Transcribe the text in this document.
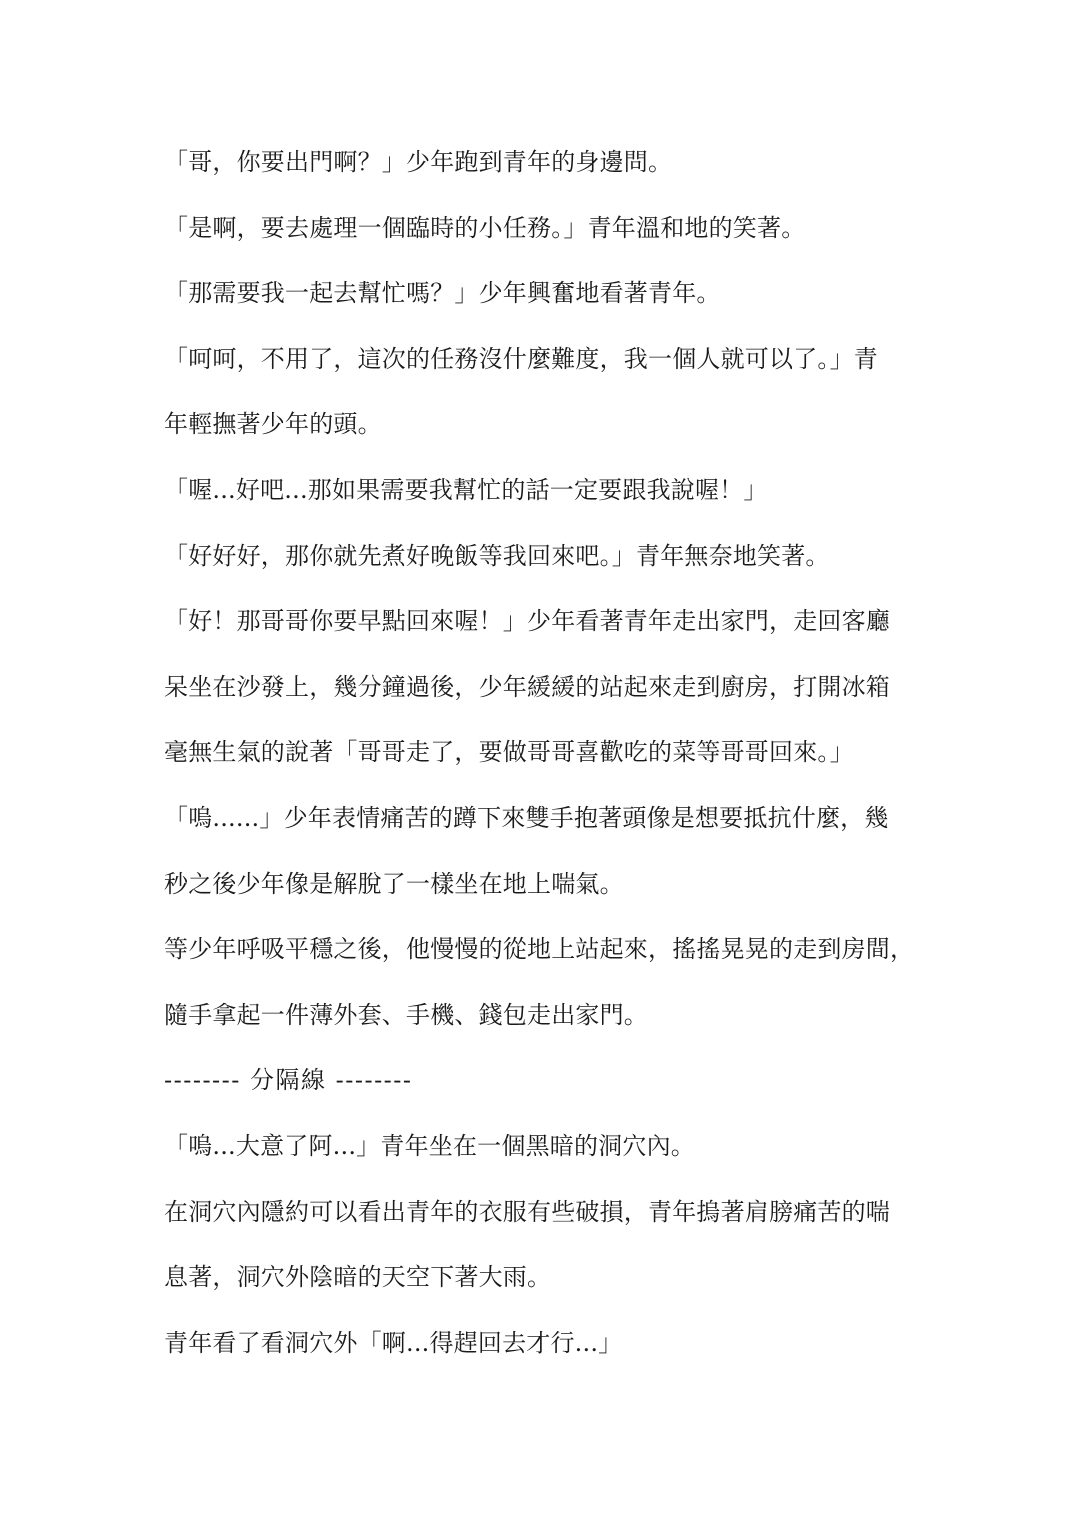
「哥，你要出門啊？」少年跑到青年的身邊問。
「是啊，要去處理一個臨時的小任務。」青年溫和地的笑著。
「那需要我一起去幫忙嗎？」少年興奮地看著青年。
「呵呵，不用了，這次的任務沒什麼難度，我一個人就可以了。」青
年輕撫著少年的頭。
「喔...好吧...那如果需要我幫忙的話一定要跟我說喔！」
「好好好，那你就先煮好晚飯等我回來吧。」青年無奈地笑著。
「好！那哥哥你要早點回來喔！」少年看著青年走出家門，走回客廳
呆坐在沙發上，幾分鐘過後，少年緩緩的站起來走到廚房，打開冰箱
毫無生氣的說著「哥哥走了，要做哥哥喜歡吃的菜等哥哥回來。」
「嗚......」少年表情痛苦的蹲下來雙手抱著頭像是想要抵抗什麼，幾
秒之後少年像是解脫了一樣坐在地上喘氣。
等少年呼吸平穩之後，他慢慢的從地上站起來，搖搖晃晃的走到房間，
隨手拿起一件薄外套、手機、錢包走出家門。
-------- 分隔線 --------
「嗚...大意了阿...」青年坐在一個黑暗的洞穴內。
在洞穴內隱約可以看出青年的衣服有些破損，青年摀著肩膀痛苦的喘
息著，洞穴外陰暗的天空下著大雨。
青年看了看洞穴外「啊...得趕回去才行...」
